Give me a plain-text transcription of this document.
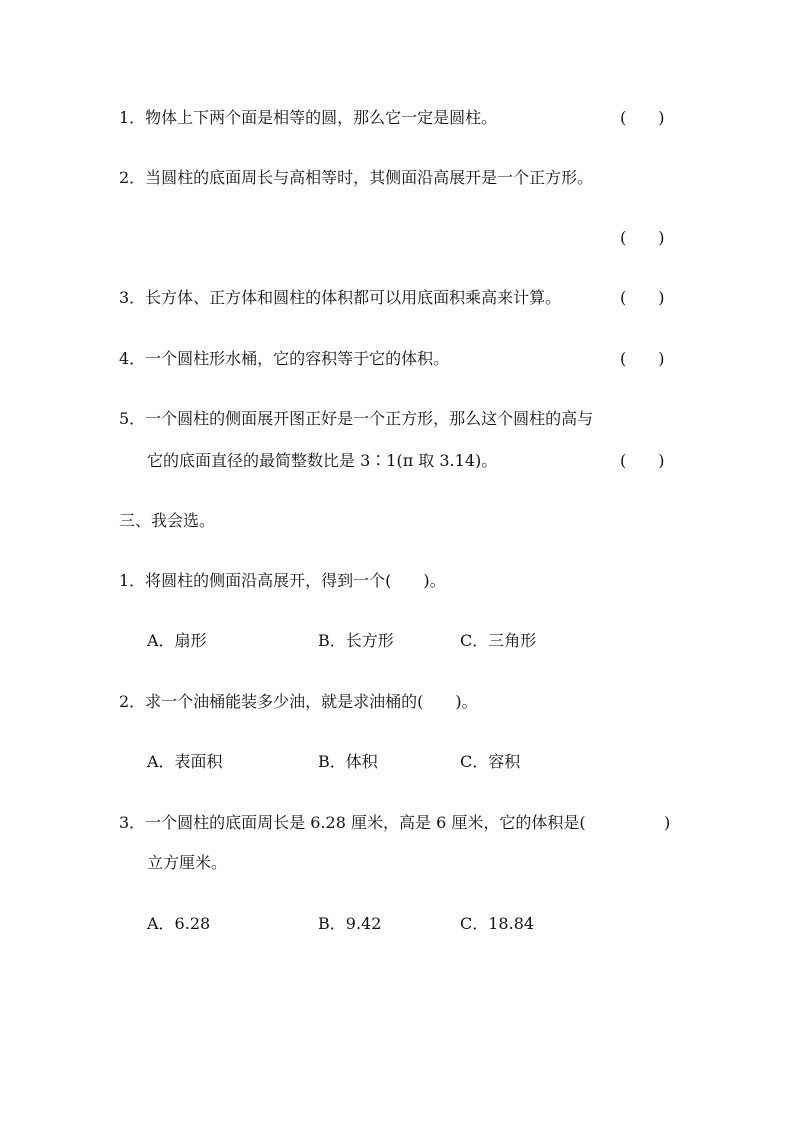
1．物体上下两个面是相等的圆，那么它一定是圆柱。	(　　)
2．当圆柱的底面周长与高相等时，其侧面沿高展开是一个正方形。
(　　)
3．长方体、正方体和圆柱的体积都可以用底面积乘高来计算。	(　　)
4．一个圆柱形水桶，它的容积等于它的体积。	(　　)
5．一个圆柱的侧面展开图正好是一个正方形，那么这个圆柱的高与
它的底面直径的最简整数比是 3∶1(π 取 3.14)。	(　　)
三、我会选。
1．将圆柱的侧面沿高展开，得到一个(　　)。
A．扇形	B．长方形	C．三角形
2．求一个油桶能装多少油，就是求油桶的(　　)。
A．表面积	B．体积	C．容积
3．一个圆柱的底面周长是 6.28 厘米，高是 6 厘米，它的体积是(	)
立方厘米。
A．6.28	B．9.42	C．18.84
